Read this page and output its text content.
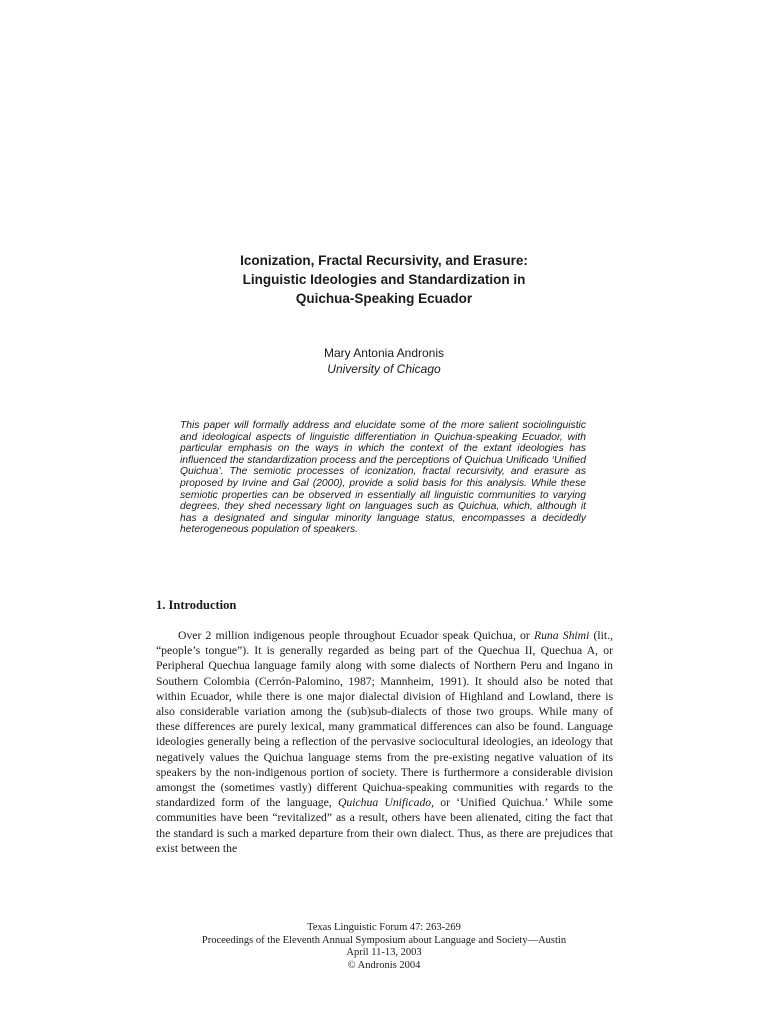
Iconization, Fractal Recursivity, and Erasure:
Linguistic Ideologies and Standardization in
Quichua-Speaking Ecuador
Mary Antonia Andronis
University of Chicago

This paper will formally address and elucidate some of the more salient sociolinguistic and ideological aspects of linguistic differentiation in Quichua-speaking Ecuador, with particular emphasis on the ways in which the context of the extant ideologies has influenced the standardization process and the perceptions of Quichua Unificado ‘Unified Quichua’. The semiotic processes of iconization, fractal recursivity, and erasure as proposed by Irvine and Gal (2000), provide a solid basis for this analysis. While these semiotic properties can be observed in essentially all linguistic communities to varying degrees, they shed necessary light on languages such as Quichua, which, although it has a designated and singular minority language status, encompasses a decidedly heterogeneous population of speakers.

1. Introduction

Over 2 million indigenous people throughout Ecuador speak Quichua, or Runa Shimi (lit., “people’s tongue”). It is generally regarded as being part of the Quechua II, Quechua A, or Peripheral Quechua language family along with some dialects of Northern Peru and Ingano in Southern Colombia (Cerrón-Palomino, 1987; Mannheim, 1991). It should also be noted that within Ecuador, while there is one major dialectal division of Highland and Lowland, there is also considerable variation among the (sub)sub-dialects of those two groups. While many of these differences are purely lexical, many grammatical differences can also be found. Language ideologies generally being a reflection of the pervasive sociocultural ideologies, an ideology that negatively values the Quichua language stems from the pre-existing negative valuation of its speakers by the non-indigenous portion of society. There is furthermore a considerable division amongst the (sometimes vastly) different Quichua-speaking communities with regards to the standardized form of the language, Quichua Unificado, or ‘Unified Quichua.’ While some communities have been “revitalized” as a result, others have been alienated, citing the fact that the standard is such a marked departure from their own dialect. Thus, as there are prejudices that exist between the

Texas Linguistic Forum 47: 263-269
Proceedings of the Eleventh Annual Symposium about Language and Society—Austin
April 11-13, 2003
© Andronis 2004
